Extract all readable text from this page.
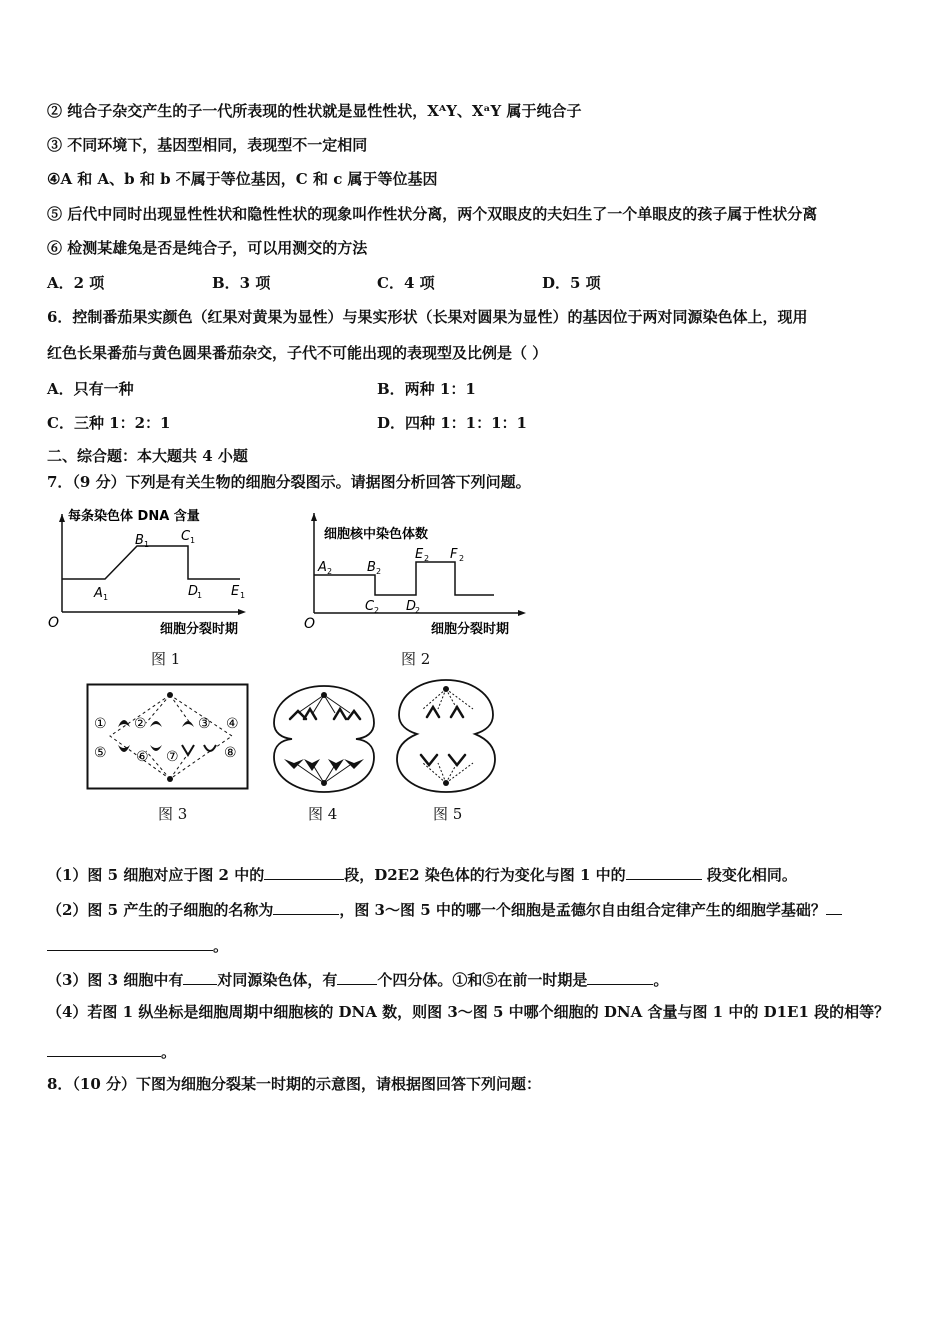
② 纯合子杂交产生的子一代所表现的性状就是显性性状，XᴬY、XᵃY 属于纯合子
③ 不同环境下，基因型相同，表现型不一定相同
④A 和 A、b 和 b 不属于等位基因，C 和 c 属于等位基因
⑤ 后代中同时出现显性性状和隐性性状的现象叫作性状分离，两个双眼皮的夫妇生了一个单眼皮的孩子属于性状分离
⑥ 检测某雄兔是否是纯合子，可以用测交的方法
A．2 项	B．3 项	C．4 项	D．5 项
6．控制番茄果实颜色（红果对黄果为显性）与果实形状（长果对圆果为显性）的基因位于两对同源染色体上，现用
红色长果番茄与黄色圆果番茄杂交，子代不可能出现的表现型及比例是（ ）
A．只有一种	B．两种 1：1
C．三种 1：2：1	D．四种 1：1：1：1
二、综合题：本大题共 4 小题
7．（9 分）下列是有关生物的细胞分裂图示。请据图分析回答下列问题。
每条染色体 DNA 含量
A 1
B 1
C 1
D
1 E 1
O	细胞分裂时期
图 1
细胞核中染色体数
A 2	B 2
C 2 D
2
E 2 F 2
O	细胞分裂时期
图 2
① ②	③ ④
⑤ ⑥ ⑦	⑧
图 3	图 4	图 5
（1）图 5 细胞对应于图 2 中的	段，D2E2 染色体的行为变化与图 1 中的	段变化相同。
（2）图 5 产生的子细胞的名称为	，图 3～图 5 中的哪一个细胞是孟德尔自由组合定律产生的细胞学基础？
。
（3）图 3 细胞中有 对同源染色体，有	个四分体。①和⑤在前一时期是	。
（4）若图 1 纵坐标是细胞周期中细胞核的 DNA 数，则图 3～图 5 中哪个细胞的 DNA 含量与图 1 中的 D1E1 段的相等？
。
8．（10 分）下图为细胞分裂某一时期的示意图，请根据图回答下列问题：
